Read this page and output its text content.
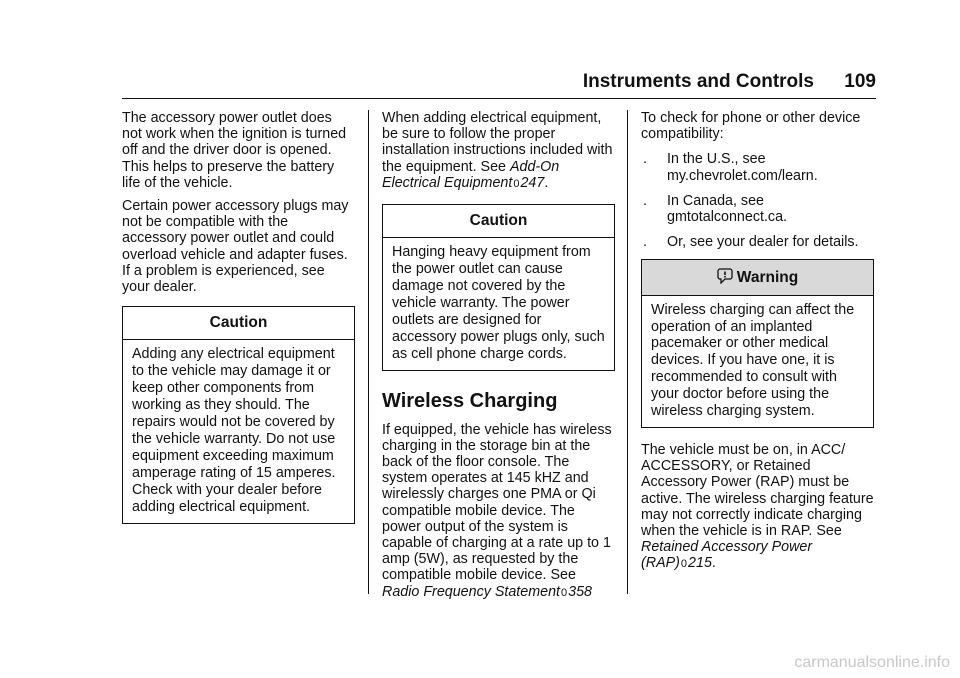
Instruments and Controls	109

The accessory power outlet does not work when the ignition is turned off and the driver door is opened. This helps to preserve the battery life of the vehicle.

Certain power accessory plugs may not be compatible with the accessory power outlet and could overload vehicle and adapter fuses. If a problem is experienced, see your dealer.

Caution
Adding any electrical equipment to the vehicle may damage it or keep other components from working as they should. The repairs would not be covered by the vehicle warranty. Do not use equipment exceeding maximum amperage rating of 15 amperes. Check with your dealer before adding electrical equipment.

When adding electrical equipment, be sure to follow the proper installation instructions included with the equipment. See Add-On Electrical Equipment0247.

Caution
Hanging heavy equipment from the power outlet can cause damage not covered by the vehicle warranty. The power outlets are designed for accessory power plugs only, such as cell phone charge cords.
Wireless Charging

If equipped, the vehicle has wireless charging in the storage bin at the back of the floor console. The system operates at 145 kHZ and wirelessly charges one PMA or Qi compatible mobile device. The power output of the system is capable of charging at a rate up to 1 amp (5W), as requested by the compatible mobile device. See Radio Frequency Statement0358

To check for phone or other device compatibility:

.	In the U.S., see my.chevrolet.com/learn.
.	In Canada, see gmtotalconnect.ca.
.	Or, see your dealer for details.
Warning
Wireless charging can affect the operation of an implanted pacemaker or other medical devices. If you have one, it is recommended to consult with your doctor before using the wireless charging system.

The vehicle must be on, in ACC/ ACCESSORY, or Retained Accessory Power (RAP) must be active. The wireless charging feature may not correctly indicate charging when the vehicle is in RAP. See Retained Accessory Power (RAP)0215.

carmanualsonline.info
